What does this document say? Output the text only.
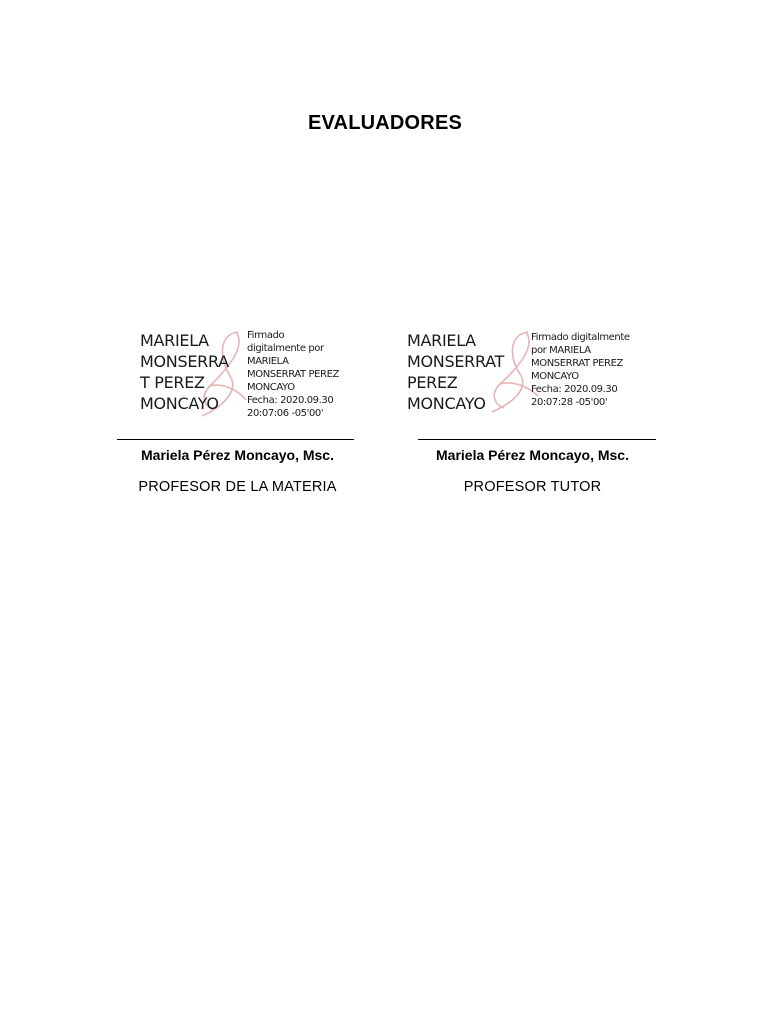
EVALUADORES
MARIELA
MONSERRA
T PEREZ
MONCAYO
Firmado
digitalmente por
MARIELA
MONSERRAT PEREZ
MONCAYO
Fecha: 2020.09.30
20:07:06 -05'00'
Mariela Pérez Moncayo, Msc.
PROFESOR DE LA MATERIA
MARIELA
MONSERRAT
PEREZ
MONCAYO
Firmado digitalmente
por MARIELA
MONSERRAT PEREZ
MONCAYO
Fecha: 2020.09.30
20:07:28 -05'00'
Mariela Pérez Moncayo, Msc.
PROFESOR TUTOR
